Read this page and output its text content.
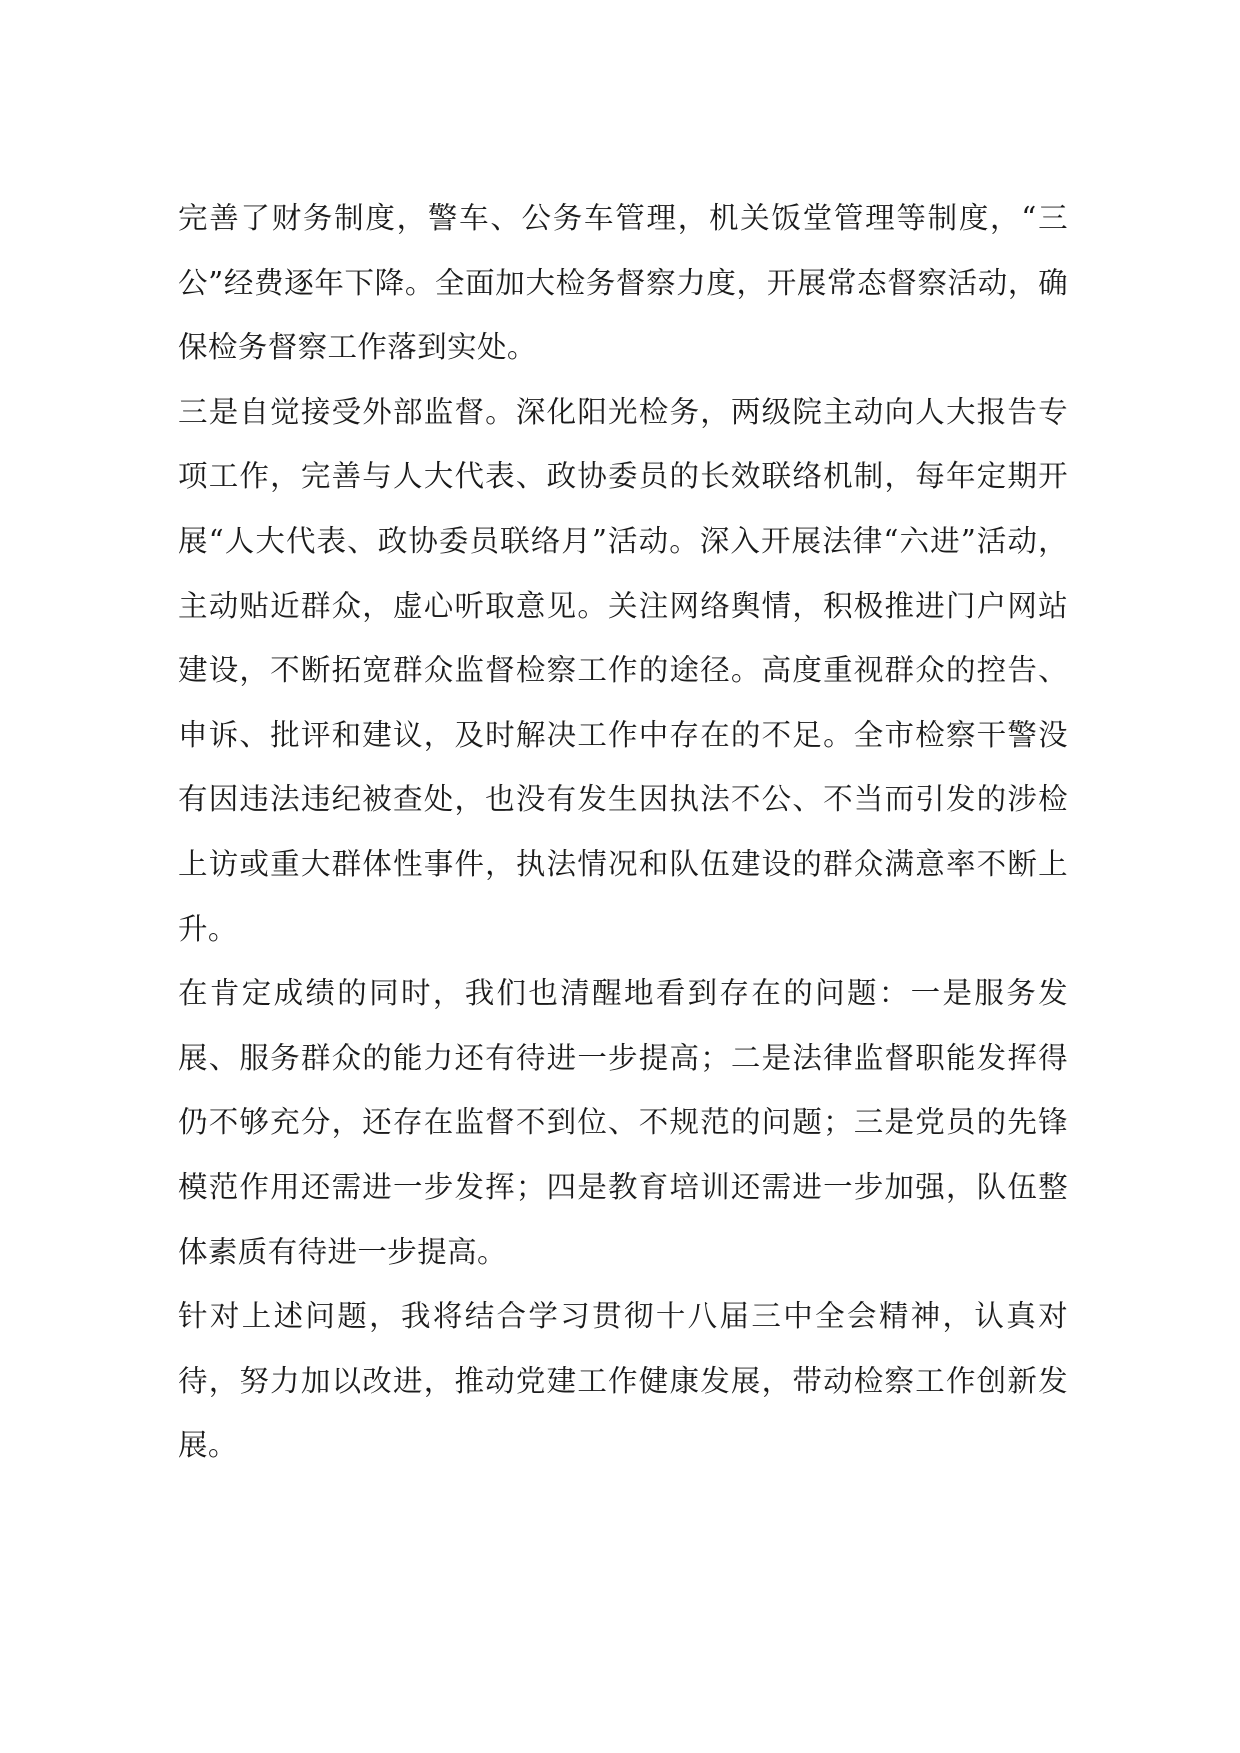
完善了财务制度，警车、公务车管理，机关饭堂管理等制度，“三公”经费逐年下降。全面加大检务督察力度，开展常态督察活动，确保检务督察工作落到实处。

三是自觉接受外部监督。深化阳光检务，两级院主动向人大报告专项工作，完善与人大代表、政协委员的长效联络机制，每年定期开展“人大代表、政协委员联络月”活动。深入开展法律“六进”活动，主动贴近群众，虚心听取意见。关注网络舆情，积极推进门户网站建设，不断拓宽群众监督检察工作的途径。高度重视群众的控告、申诉、批评和建议，及时解决工作中存在的不足。全市检察干警没有因违法违纪被查处，也没有发生因执法不公、不当而引发的涉检上访或重大群体性事件，执法情况和队伍建设的群众满意率不断上升。

在肯定成绩的同时，我们也清醒地看到存在的问题：一是服务发展、服务群众的能力还有待进一步提高；二是法律监督职能发挥得仍不够充分，还存在监督不到位、不规范的问题；三是党员的先锋模范作用还需进一步发挥；四是教育培训还需进一步加强，队伍整体素质有待进一步提高。

针对上述问题，我将结合学习贯彻十八届三中全会精神，认真对待，努力加以改进，推动党建工作健康发展，带动检察工作创新发展。
